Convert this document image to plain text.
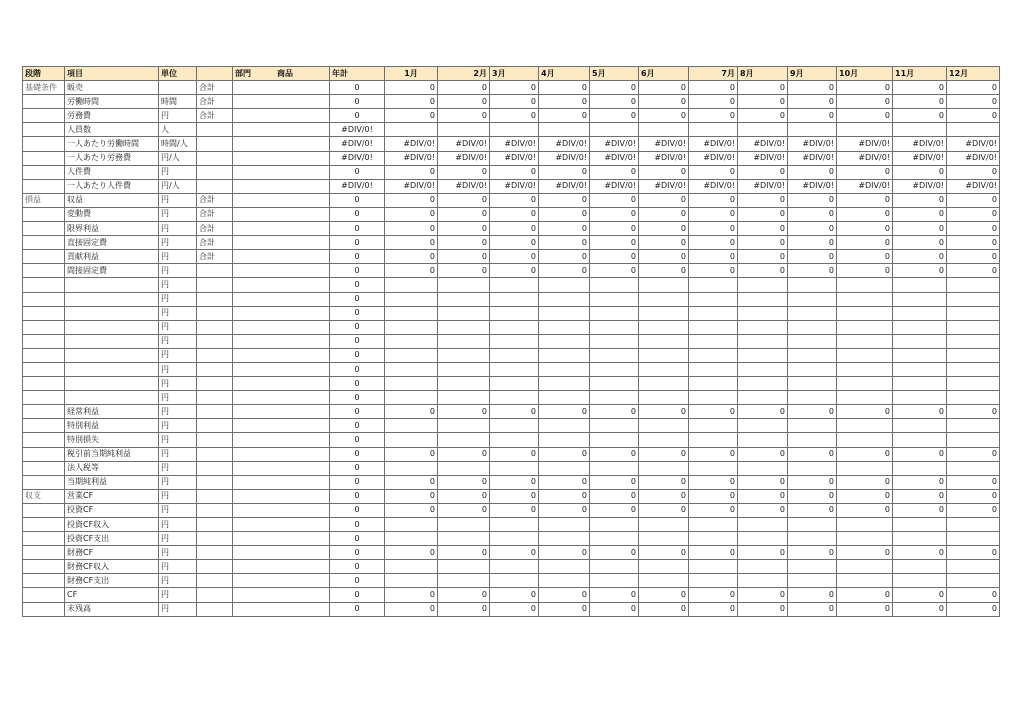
段階	項目	単位		部門 商品	年計	1月	2月	3月	4月	5月	6月	7月	8月	9月	10月	11月	12月
基礎条件	販売		合計		0	0	0	0	0	0	0	0	0	0	0	0	0
	労働時間	時間	合計		0	0	0	0	0	0	0	0	0	0	0	0	0
	労務費	円	合計		0	0	0	0	0	0	0	0	0	0	0	0	0
	人員数	人			#DIV/0!												
	一人あたり労働時間	時間/人			#DIV/0!	#DIV/0!	#DIV/0!	#DIV/0!	#DIV/0!	#DIV/0!	#DIV/0!	#DIV/0!	#DIV/0!	#DIV/0!	#DIV/0!	#DIV/0!	#DIV/0!
	一人あたり労務費	円/人			#DIV/0!	#DIV/0!	#DIV/0!	#DIV/0!	#DIV/0!	#DIV/0!	#DIV/0!	#DIV/0!	#DIV/0!	#DIV/0!	#DIV/0!	#DIV/0!	#DIV/0!
	人件費	円			0	0	0	0	0	0	0	0	0	0	0	0	0
	一人あたり人件費	円/人			#DIV/0!	#DIV/0!	#DIV/0!	#DIV/0!	#DIV/0!	#DIV/0!	#DIV/0!	#DIV/0!	#DIV/0!	#DIV/0!	#DIV/0!	#DIV/0!	#DIV/0!
損益	収益	円	合計		0	0	0	0	0	0	0	0	0	0	0	0	0
	変動費	円	合計		0	0	0	0	0	0	0	0	0	0	0	0	0
	限界利益	円	合計		0	0	0	0	0	0	0	0	0	0	0	0	0
	直接固定費	円	合計		0	0	0	0	0	0	0	0	0	0	0	0	0
	貢献利益	円	合計		0	0	0	0	0	0	0	0	0	0	0	0	0
	間接固定費	円			0	0	0	0	0	0	0	0	0	0	0	0	0
		円			0												
		円			0												
		円			0												
		円			0												
		円			0												
		円			0												
		円			0												
		円			0												
		円			0												
	経常利益	円			0	0	0	0	0	0	0	0	0	0	0	0	0
	特別利益	円			0												
	特別損失	円			0												
	税引前当期純利益	円			0	0	0	0	0	0	0	0	0	0	0	0	0
	法人税等	円			0												
	当期純利益	円			0	0	0	0	0	0	0	0	0	0	0	0	0
収支	営業CF	円			0	0	0	0	0	0	0	0	0	0	0	0	0
	投資CF	円			0	0	0	0	0	0	0	0	0	0	0	0	0
	投資CF収入	円			0												
	投資CF支出	円			0												
	財務CF	円			0	0	0	0	0	0	0	0	0	0	0	0	0
	財務CF収入	円			0												
	財務CF支出	円			0												
	CF	円			0	0	0	0	0	0	0	0	0	0	0	0	0
	末残高	円			0	0	0	0	0	0	0	0	0	0	0	0	0
